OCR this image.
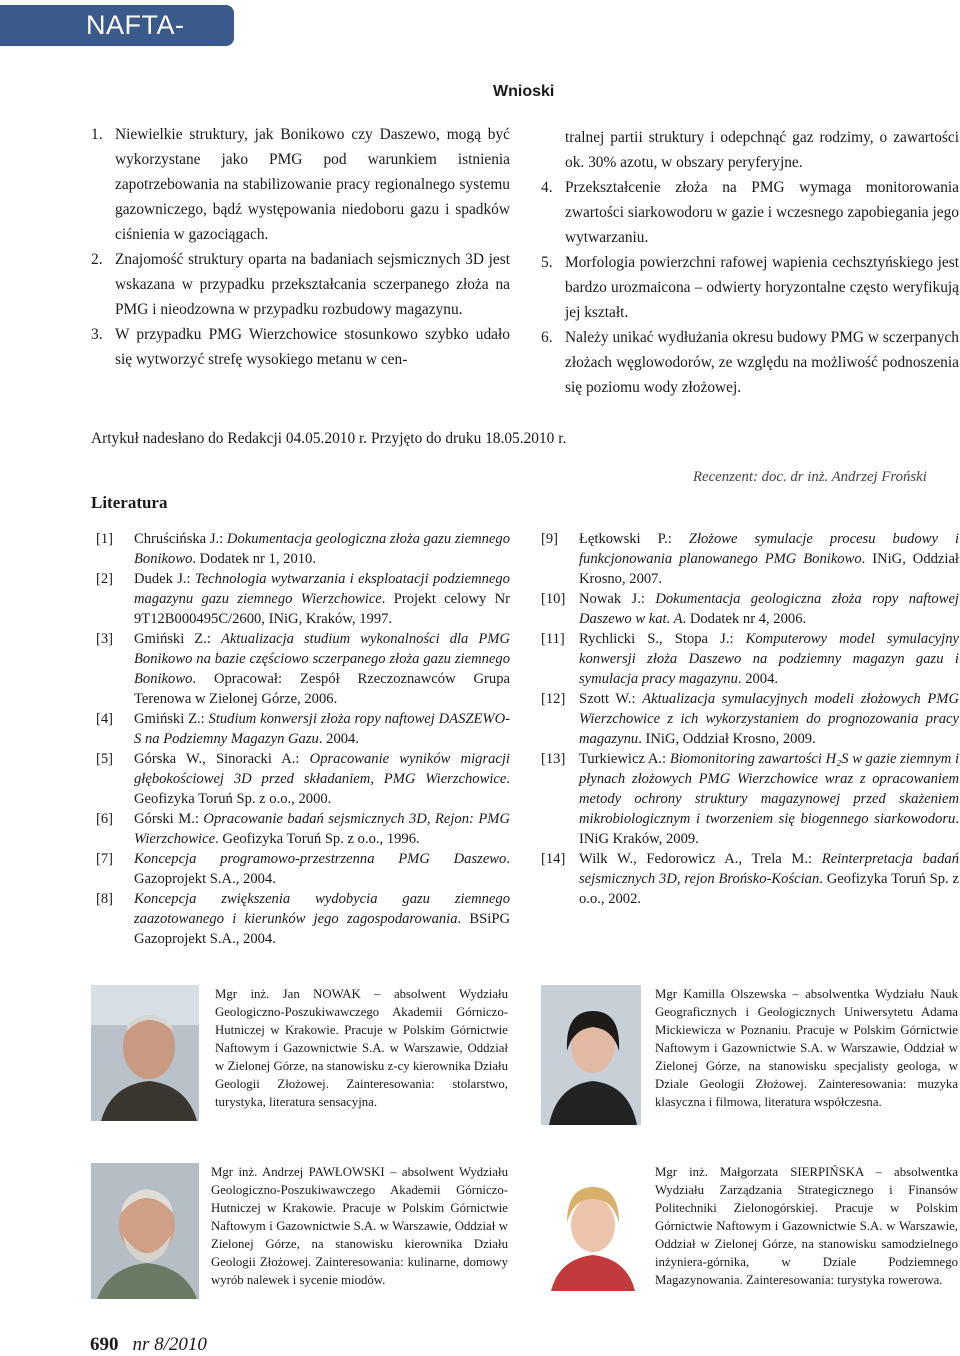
NAFTA-GAZ
Wnioski
1. Niewielkie struktury, jak Bonikowo czy Daszewo, mogą być wykorzystane jako PMG pod warunkiem istnienia zapotrzebowania na stabilizowanie pracy regionalnego systemu gazowniczego, bądź występowania niedoboru gazu i spadków ciśnienia w gazociągach.
2. Znajomość struktury oparta na badaniach sejsmicznych 3D jest wskazana w przypadku przekształcania sczerpanego złoża na PMG i nieodzowna w przypadku rozbudowy magazynu.
3. W przypadku PMG Wierzchowice stosunkowo szybko udało się wytworzyć strefę wysokiego metanu w cen-
tralnej partii struktury i odepchnąć gaz rodzimy, o zawartości ok. 30% azotu, w obszary peryferyjne.
4. Przekształcenie złoża na PMG wymaga monitorowania zwartości siarkowodoru w gazie i wczesnego zapobiegania jego wytwarzaniu.
5. Morfologia powierzchni rafowej wapienia cechsztyńskiego jest bardzo urozmaicona – odwierty horyzontalne często weryfikują jej kształt.
6. Należy unikać wydłużania okresu budowy PMG w sczerpanych złożach węglowodorów, ze względu na możliwość podnoszenia się poziomu wody złożowej.
Artykuł nadesłano do Redakcji 04.05.2010 r. Przyjęto do druku 18.05.2010 r.
Recenzent: doc. dr inż. Andrzej Froński
Literatura
[1]	Chruścińska J.: Dokumentacja geologiczna złoża gazu ziemnego Bonikowo. Dodatek nr 1, 2010.
[2]	Dudek J.: Technologia wytwarzania i eksploatacji podziemnego magazynu gazu ziemnego Wierzchowice. Projekt celowy Nr 9T12B000495C/2600, INiG, Kraków, 1997.
[3]	Gmiński Z.: Aktualizacja studium wykonalności dla PMG Bonikowo na bazie częściowo sczerpanego złoża gazu ziemnego Bonikowo. Opracował: Zespół Rzeczoznawców Grupa Terenowa w Zielonej Górze, 2006.
[4]	Gmiński Z.: Studium konwersji złoża ropy naftowej DASZEWO-S na Podziemny Magazyn Gazu. 2004.
[5]	Górska W., Sinoracki A.: Opracowanie wyników migracji głębokościowej 3D przed składaniem, PMG Wierzchowice. Geofizyka Toruń Sp. z o.o., 2000.
[6]	Górski M.: Opracowanie badań sejsmicznych 3D, Rejon: PMG Wierzchowice. Geofizyka Toruń Sp. z o.o., 1996.
[7]	Koncepcja programowo-przestrzenna PMG Daszewo. Gazoprojekt S.A., 2004.
[8]	Koncepcja zwiększenia wydobycia gazu ziemnego zaazotowanego i kierunków jego zagospodarowania. BSiPG Gazoprojekt S.A., 2004.
[9]	Łętkowski P.: Złożowe symulacje procesu budowy i funkcjonowania planowanego PMG Bonikowo. INiG, Oddział Krosno, 2007.
[10] Nowak J.: Dokumentacja geologiczna złoża ropy naftowej Daszewo w kat. A. Dodatek nr 4, 2006.
[11] Rychlicki S., Stopa J.: Komputerowy model symulacyjny konwersji złoża Daszewo na podziemny magazyn gazu i symulacja pracy magazynu. 2004.
[12] Szott W.: Aktualizacja symulacyjnych modeli złożowych PMG Wierzchowice z ich wykorzystaniem do prognozowania pracy magazynu. INiG, Oddział Krosno, 2009.
[13] Turkiewicz A.: Biomonitoring zawartości H₂S w gazie ziemnym i płynach złożowych PMG Wierzchowice wraz z opracowaniem metody ochrony struktury magazynowej przed skażeniem mikrobiologicznym i tworzeniem się biogennego siarkowodoru. INiG Kraków, 2009.
[14] Wilk W., Fedorowicz A., Trela M.: Reinterpretacja badań sejsmicznych 3D, rejon Brońsko-Kościan. Geofizyka Toruń Sp. z o.o., 2002.
Mgr inż. Jan NOWAK – absolwent Wydziału Geologiczno-Poszukiwawczego Akademii Górniczo-Hutniczej w Krakowie. Pracuje w Polskim Górnictwie Naftowym i Gazownictwie S.A. w Warszawie, Oddział w Zielonej Górze, na stanowisku z-cy kierownika Działu Geologii Złożowej. Zainteresowania: stolarstwo, turystyka, literatura sensacyjna.
Mgr Kamilla Olszewska – absolwentka Wydziału Nauk Geograficznych i Geologicznych Uniwersytetu Adama Mickiewicza w Poznaniu. Pracuje w Polskim Górnictwie Naftowym i Gazownictwie S.A. w Warszawie, Oddział w Zielonej Górze, na stanowisku specjalisty geologa, w Dziale Geologii Złożowej. Zainteresowania: muzyka klasyczna i filmowa, literatura współczesna.
Mgr inż. Andrzej PAWŁOWSKI – absolwent Wydziału Geologiczno-Poszukiwawczego Akademii Górniczo-Hutniczej w Krakowie. Pracuje w Polskim Górnictwie Naftowym i Gazownictwie S.A. w Warszawie, Oddział w Zielonej Górze, na stanowisku kierownika Działu Geologii Złożowej. Zainteresowania: kulinarne, domowy wyrób nalewek i sycenie miodów.
Mgr inż. Małgorzata SIERPIŃSKA – absolwentka Wydziału Zarządzania Strategicznego i Finansów Politechniki Zielonogórskiej. Pracuje w Polskim Górnictwie Naftowym i Gazownictwie S.A. w Warszawie, Oddział w Zielonej Górze, na stanowisku samodzielnego inżyniera-górnika, w Dziale Podziemnego Magazynowania. Zainteresowania: turystyka rowerowa.
690 nr 8/2010
